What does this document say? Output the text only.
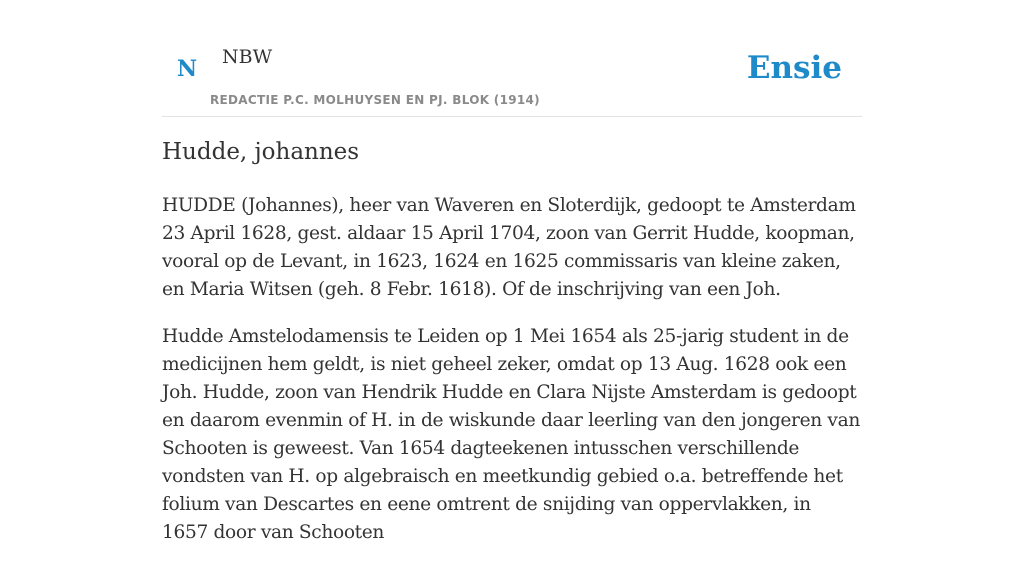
N NBW
REDACTIE P.C. MOLHUYSEN EN PJ. BLOK (1914)
Ensie
Hudde, johannes

HUDDE (Johannes), heer van Waveren en Sloterdijk, gedoopt te Amsterdam 23 April 1628, gest. aldaar 15 April 1704, zoon van Gerrit Hudde, koopman, vooral op de Levant, in 1623, 1624 en 1625 commissaris van kleine zaken, en Maria Witsen (geh. 8 Febr. 1618). Of de inschrijving van een Joh.

Hudde Amstelodamensis te Leiden op 1 Mei 1654 als 25-jarig student in de medicijnen hem geldt, is niet geheel zeker, omdat op 13 Aug. 1628 ook een Joh. Hudde, zoon van Hendrik Hudde en Clara Nijste Amsterdam is gedoopt en daarom evenmin of H. in de wiskunde daar leerling van den jongeren van Schooten is geweest. Van 1654 dagteekenen intusschen verschillende vondsten van H. op algebraisch en meetkundig gebied o.a. betreffende het folium van Descartes en eene omtrent de snijding van oppervlakken, in 1657 door van Schooten
